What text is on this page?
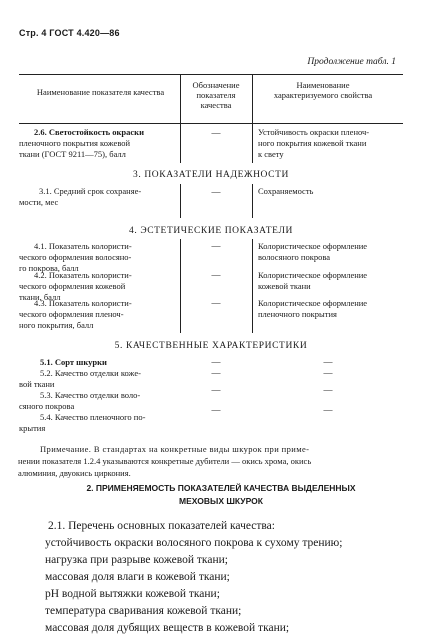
Стр. 4 ГОСТ 4.420—86
Продолжение табл. 1
Наименование показателя качества
Обозначение показателя качества
Наименование характеризуемого свойства
2.6. Светостойкость окраски
пленочного покрытия кожевой
ткани (ГОСТ 9211—75), балл
—	Устойчивость окраски пленоч-
ного покрытия кожевой ткани
к свету
3. ПОКАЗАТЕЛИ НАДЕЖНОСТИ
3.1. Средний срок сохраняе-
мости, мес
—	Сохраняемость
4. ЭСТЕТИЧЕСКИЕ ПОКАЗАТЕЛИ
4.1. Показатель колористи-
ческого оформления волосяно-
го покрова, балл
—	Колористическое оформление
волосяного покрова
4.2. Показатель колористи-
ческого оформления кожевой
ткани, балл
—	Колористическое оформление
кожевой ткани
4.3. Показатель колористи-
ческого оформления пленоч-
ного покрытия, балл
—	Колористическое оформление
пленочного покрытия
5. КАЧЕСТВЕННЫЕ ХАРАКТЕРИСТИКИ
5.1. Сорт шкурки	—	—
5.2. Качество отделки коже-
вой ткани
—	—
5.3. Качество отделки воло-
сяного покрова
—	—
5.4. Качество пленочного по-
крытия
—	—
Примечание. В стандартах на конкретные виды шкурок при приме-
нении показателя 1.2.4 указываются конкретные дубители — окись хрома, окись
алюминия, двуокись циркония.
2. ПРИМЕНЯЕМОСТЬ ПОКАЗАТЕЛЕЙ КАЧЕСТВА ВЫДЕЛЕННЫХ
МЕХОВЫХ ШКУРОК
2.1. Перечень основных показателей качества:
устойчивость окраски волосяного покрова к сухому трению;
нагрузка при разрыве кожевой ткани;
массовая доля влаги в кожевой ткани;
pH водной вытяжки кожевой ткани;
температура сваривания кожевой ткани;
массовая доля дубящих веществ в кожевой ткани;
